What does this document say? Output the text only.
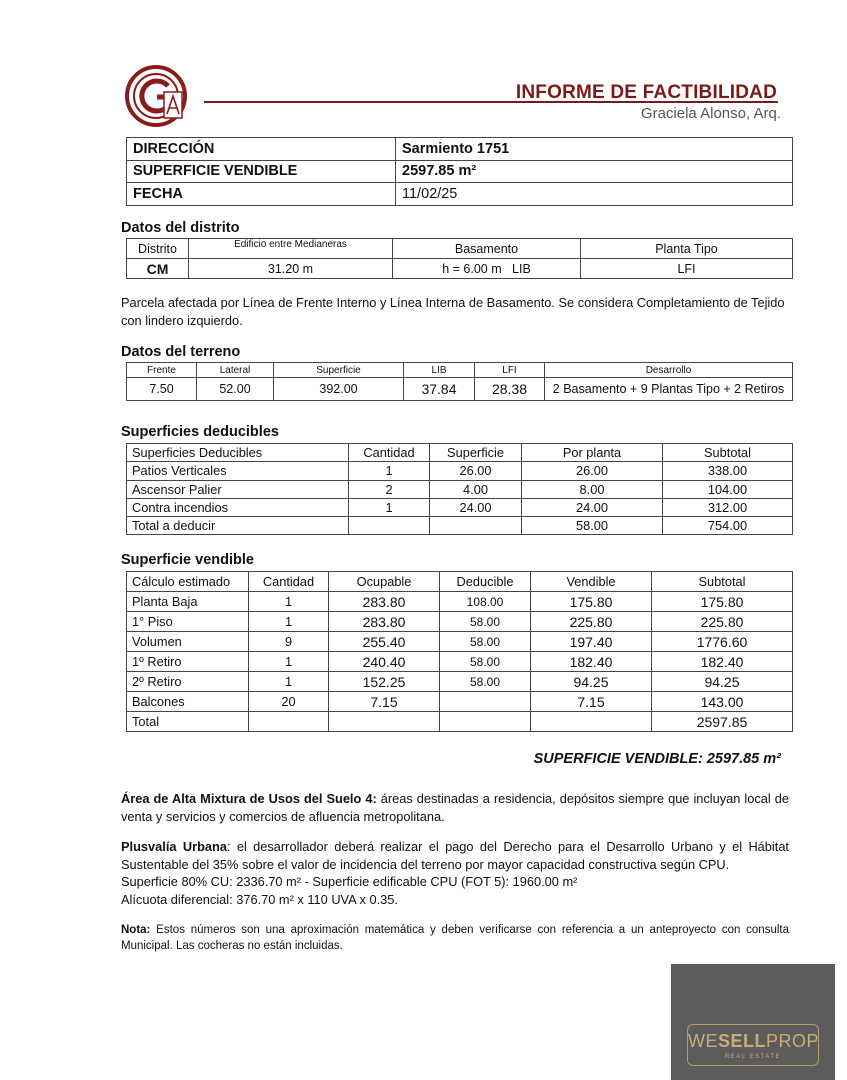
INFORME DE FACTIBILIDAD
Graciela Alonso, Arq.
DIRECCIÓN	Sarmiento 1751
SUPERFICIE VENDIBLE	2597.85 m²
FECHA	11/02/25
Datos del distrito
Distrito	Edificio entre Medianeras	Basamento	Planta Tipo
CM	31.20 m	h = 6.00 m   LIB	LFI
Parcela afectada por Línea de Frente Interno y Línea Interna de Basamento. Se considera Completamiento de Tejido con lindero izquierdo.
Datos del terreno
Frente	Lateral	Superficie	LIB	LFI	Desarrollo
7.50	52.00	392.00	37.84	28.38	2 Basamento + 9 Plantas Tipo + 2 Retiros
Superficies deducibles
Superficies Deducibles	Cantidad	Superficie	Por planta	Subtotal
Patios Verticales	1	26.00	26.00	338.00
Ascensor Palier	2	4.00	8.00	104.00
Contra incendios	1	24.00	24.00	312.00
Total a deducir			58.00	754.00
Superficie vendible
Cálculo estimado	Cantidad	Ocupable	Deducible	Vendible	Subtotal
Planta Baja	1	283.80	108.00	175.80	175.80
1° Piso	1	283.80	58.00	225.80	225.80
Volumen	9	255.40	58.00	197.40	1776.60
1º Retiro	1	240.40	58.00	182.40	182.40
2º Retiro	1	152.25	58.00	94.25	94.25
Balcones	20	7.15		7.15	143.00
Total					2597.85
SUPERFICIE VENDIBLE: 2597.85 m²
Área de Alta Mixtura de Usos del Suelo 4: áreas destinadas a residencia, depósitos siempre que incluyan local de venta y servicios y comercios de afluencia metropolitana.
Plusvalía Urbana: el desarrollador deberá realizar el pago del Derecho para el Desarrollo Urbano y el Hábitat Sustentable del 35% sobre el valor de incidencia del terreno por mayor capacidad constructiva según CPU.
Superficie 80% CU: 2336.70 m² - Superficie edificable CPU (FOT 5): 1960.00 m²
Alícuota diferencial: 376.70 m² x 110 UVA x 0.35.
Nota: Estos números son una aproximación matemática y deben verificarse con referencia a un anteproyecto con consulta Municipal. Las cocheras no están incluidas.
WESELLPROP
REAL ESTATE
